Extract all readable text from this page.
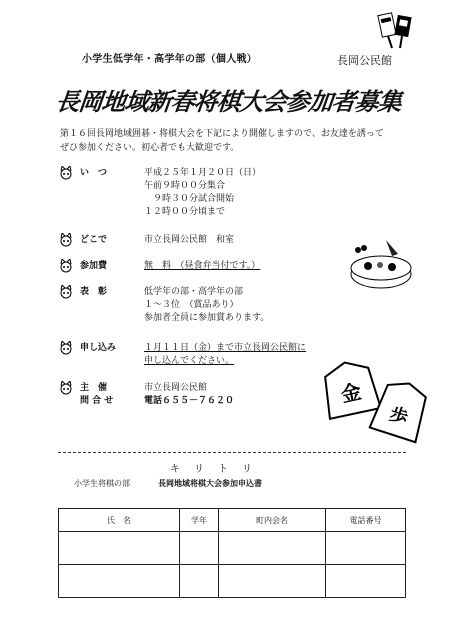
小学生低学年・高学年の部（個人戦）	長岡公民館
長岡地域新春将棋大会参加者募集
第１６回長岡地域囲碁・将棋大会を下記により開催しますので、お友達を誘ってぜひ参加ください。初心者でも大歓迎です。
い　つ	平成２５年１月２０日（日）
午前９時００分集合
　９時３０分試合開始
１２時００分頃まで
どこで	市立長岡公民館　和室
参加費	無　料　（昼食弁当付です。）
表　彰	低学年の部・高学年の部
１～３位　（賞品あり）
参加者全員に参加賞あります。
申し込み	１月１１日（金）まで市立長岡公民館に
申し込んでください。
主　催	市立長岡公民館
問 合 せ	電話６５５－７６２０	金
歩
キリトリ
小学生将棋の部	長岡地域将棋大会参加申込書
氏　名	学年	町内会名	電話番号
